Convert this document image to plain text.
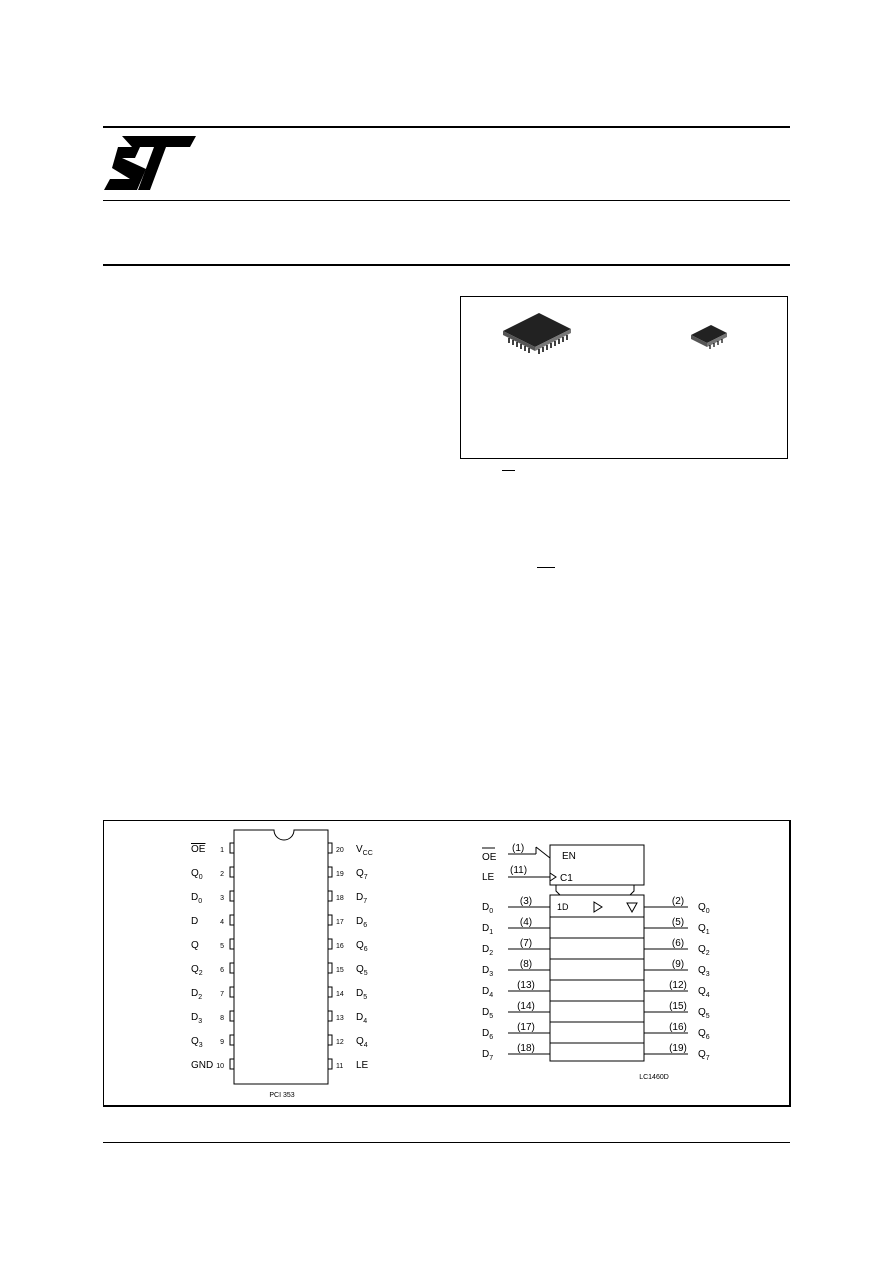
1
OE
2
$Q_0$
3
$D_0$
4
D
5
Q
6
$Q_2$
7
$D_2$
8
$D_3$
9
$Q_3$
10
GND
20 $V_{CC}$
19 $Q_7$
18 $D_7$
17 $D_6$
16 $Q_6$
15 $Q_5$
14 $D_5$
13 $D_4$
12 $Q_4$
11 LE
PCI 353
OE
(1)
LE
(11)
EN
C1
1D
(3)
$D_0$
(4)
$D_1$
(7)
$D_2$
(8)
$D_3$
(13)
$D_4$
(14)
$D_5$
(17)
$D_6$
(18)
$D_7$
(2)
$Q_0$
(5)
$Q_1$
(6)
$Q_2$
(9)
$Q_3$
(12)
$Q_4$
(15)
$Q_5$
(16)
$Q_6$
(19)
$Q_7$
LC1460D
